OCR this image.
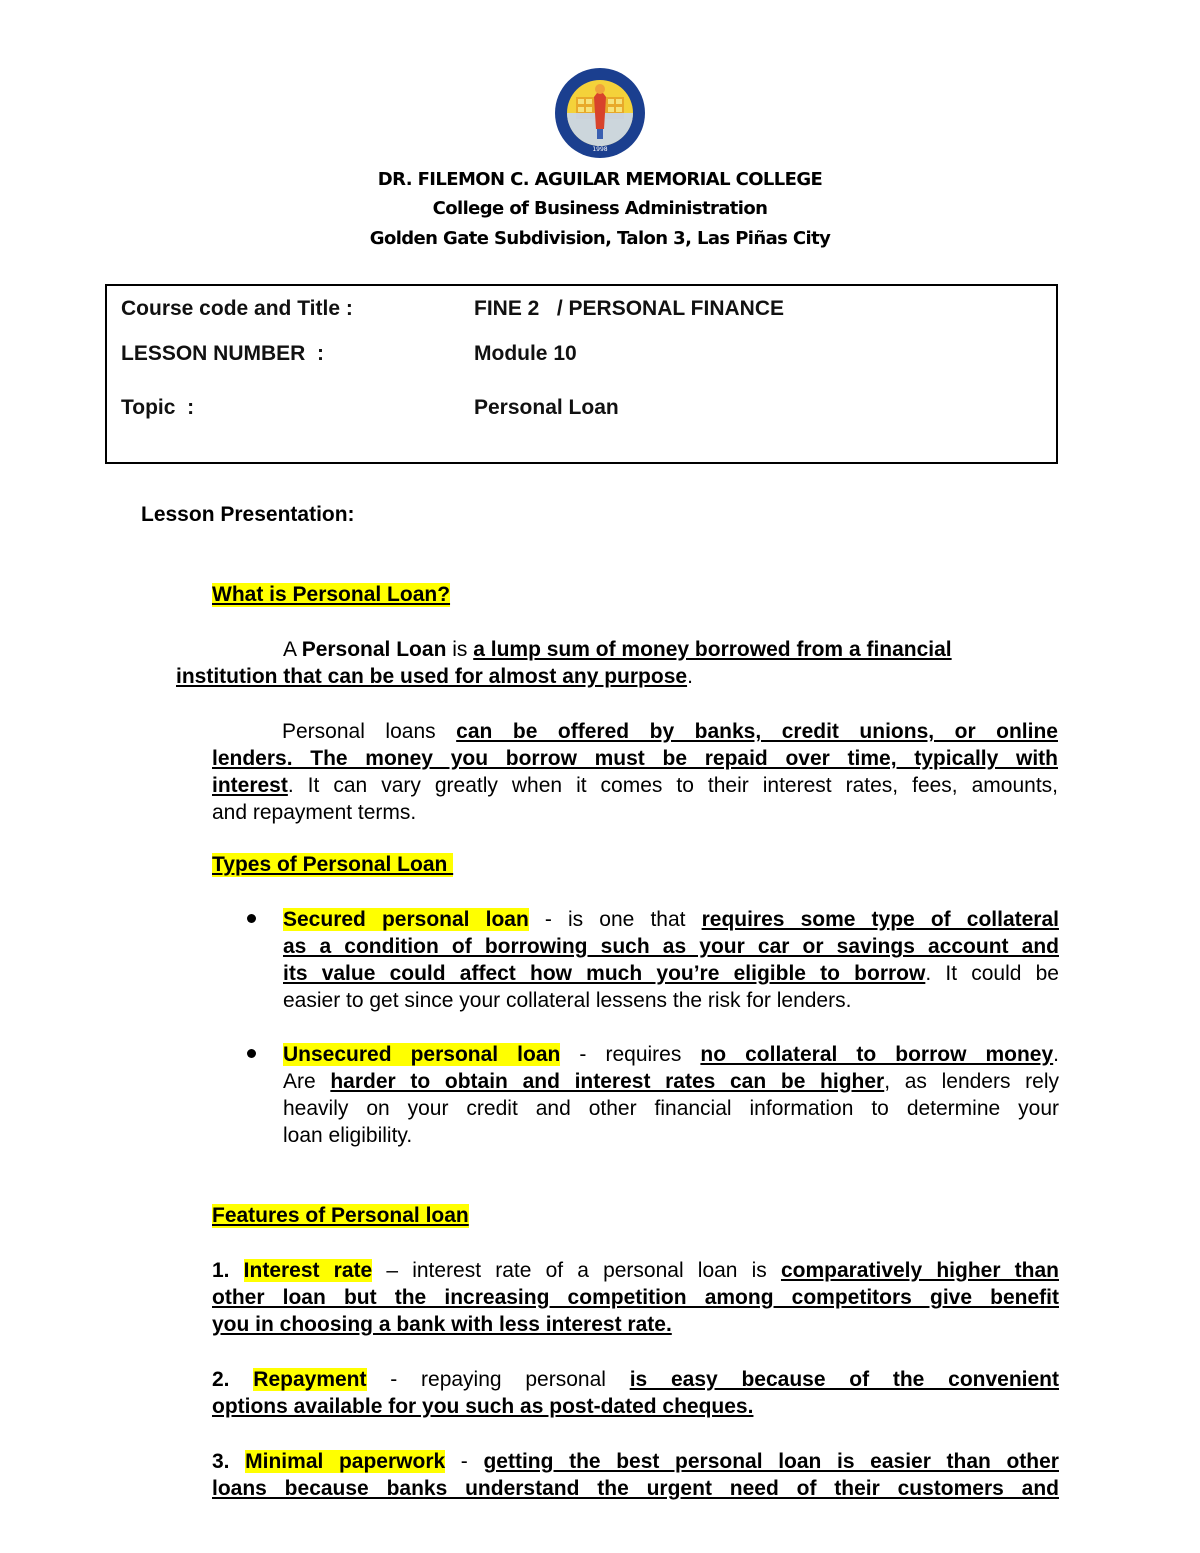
1998
DR. FILEMON C. AGUILAR MEMORIAL COLLEGE
College of Business Administration
Golden Gate Subdivision, Talon 3, Las Piñas City
Course code and Title :	FINE 2   / PERSONAL FINANCE
LESSON NUMBER  :	Module 10
Topic  :	Personal Loan
Lesson Presentation:
What is Personal Loan?
A Personal Loan is a lump sum of money borrowed from a financial
institution that can be used for almost any purpose.
Personal loans can be offered by banks, credit unions, or online
lenders. The money you borrow must be repaid over time, typically with
interest. It can vary greatly when it comes to their interest rates, fees, amounts,
and repayment terms.
Types of Personal Loan
Secured personal loan - is one that requires some type of collateral
as a condition of borrowing such as your car or savings account and
its value could affect how much you’re eligible to borrow. It could be
easier to get since your collateral lessens the risk for lenders.
Unsecured personal loan - requires no collateral to borrow money.
Are harder to obtain and interest rates can be higher, as lenders rely
heavily on your credit and other financial information to determine your
loan eligibility.
Features of Personal loan
1. Interest rate – interest rate of a personal loan is comparatively higher than
other loan but the increasing competition among competitors give benefit
you in choosing a bank with less interest rate.
2. Repayment - repaying personal is easy because of the convenient
options available for you such as post-dated cheques.
3. Minimal paperwork - getting the best personal loan is easier than other
loans because banks understand the urgent need of their customers and
